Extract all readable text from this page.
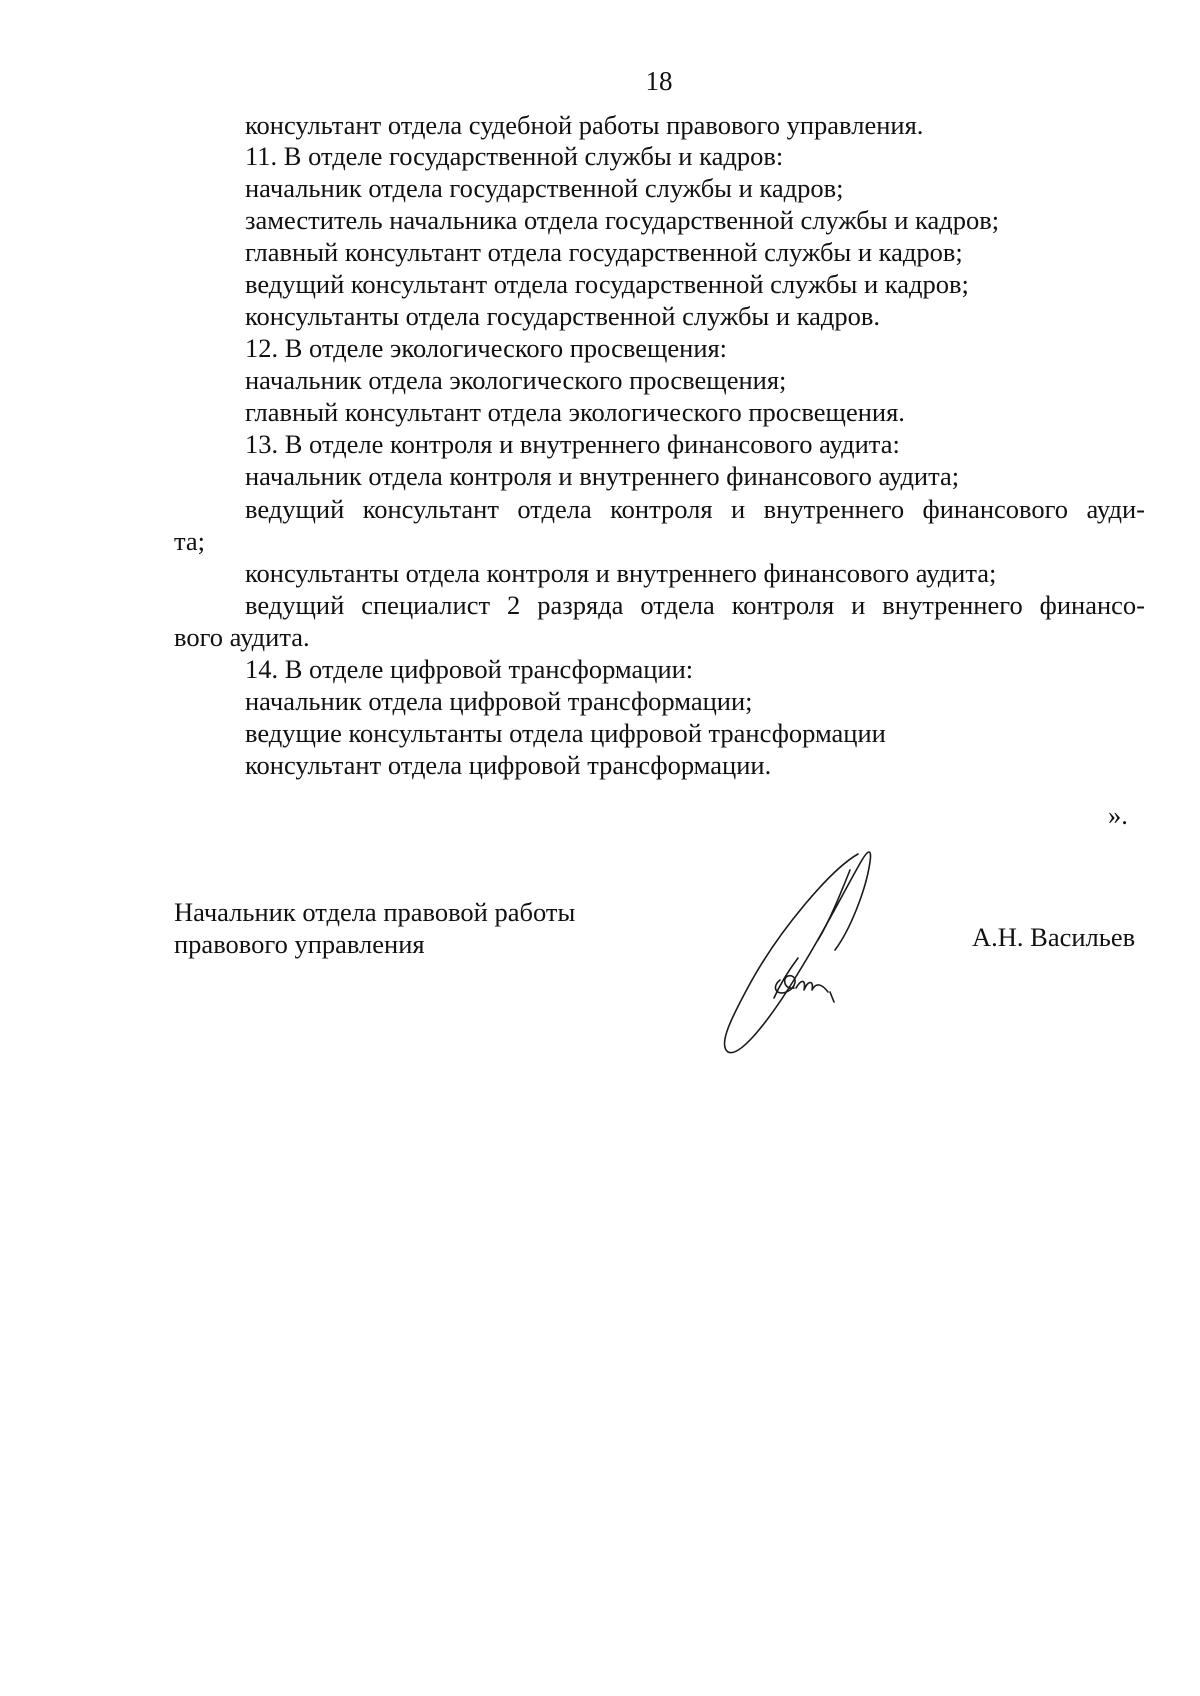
18
консультант отдела судебной работы правового управления.
11. В отделе государственной службы и кадров:
начальник отдела государственной службы и кадров;
заместитель начальника отдела государственной службы и кадров;
главный консультант отдела государственной службы и кадров;
ведущий консультант отдела государственной службы и кадров;
консультанты отдела государственной службы и кадров.
12. В отделе экологического просвещения:
начальник отдела экологического просвещения;
главный консультант отдела экологического просвещения.
13. В отделе контроля и внутреннего финансового аудита:
начальник отдела контроля и внутреннего финансового аудита;
ведущий консультант отдела контроля и внутреннего финансового ауди-
та;
консультанты отдела контроля и внутреннего финансового аудита;
ведущий специалист 2 разряда отдела контроля и внутреннего финансо-
вого аудита.
14. В отделе цифровой трансформации:
начальник отдела цифровой трансформации;
ведущие консультанты отдела цифровой трансформации
консультант отдела цифровой трансформации.
».
Начальник отдела правовой работы
правового управления	А.Н. Васильев
